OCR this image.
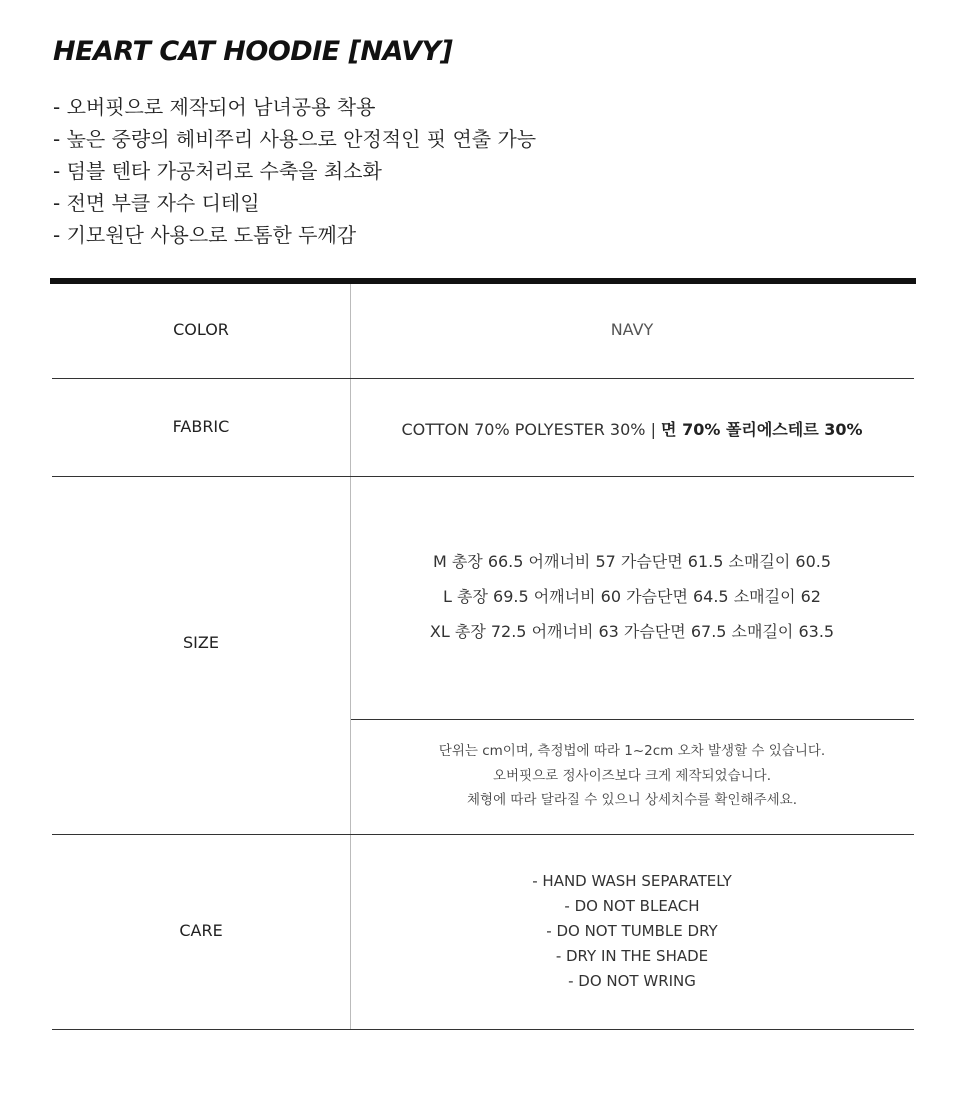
HEART CAT HOODIE [NAVY]
- 오버핏으로 제작되어 남녀공용 착용
- 높은 중량의 헤비쭈리 사용으로 안정적인 핏 연출 가능
- 덤블 텐타 가공처리로 수축을 최소화
- 전면 부클 자수 디테일
- 기모원단 사용으로 도톰한 두께감
COLOR	NAVY
FABRIC	COTTON 70% POLYESTER 30% | 면 70% 폴리에스테르 30%
SIZE
M 총장 66.5 어깨너비 57 가슴단면 61.5 소매길이 60.5
L 총장 69.5 어깨너비 60 가슴단면 64.5 소매길이 62
XL 총장 72.5 어깨너비 63 가슴단면 67.5 소매길이 63.5
단위는 cm이며, 측정법에 따라 1~2cm 오차 발생할 수 있습니다.
오버핏으로 정사이즈보다 크게 제작되었습니다.
체형에 따라 달라질 수 있으니 상세치수를 확인해주세요.
CARE
- HAND WASH SEPARATELY
- DO NOT BLEACH
- DO NOT TUMBLE DRY
- DRY IN THE SHADE
- DO NOT WRING
